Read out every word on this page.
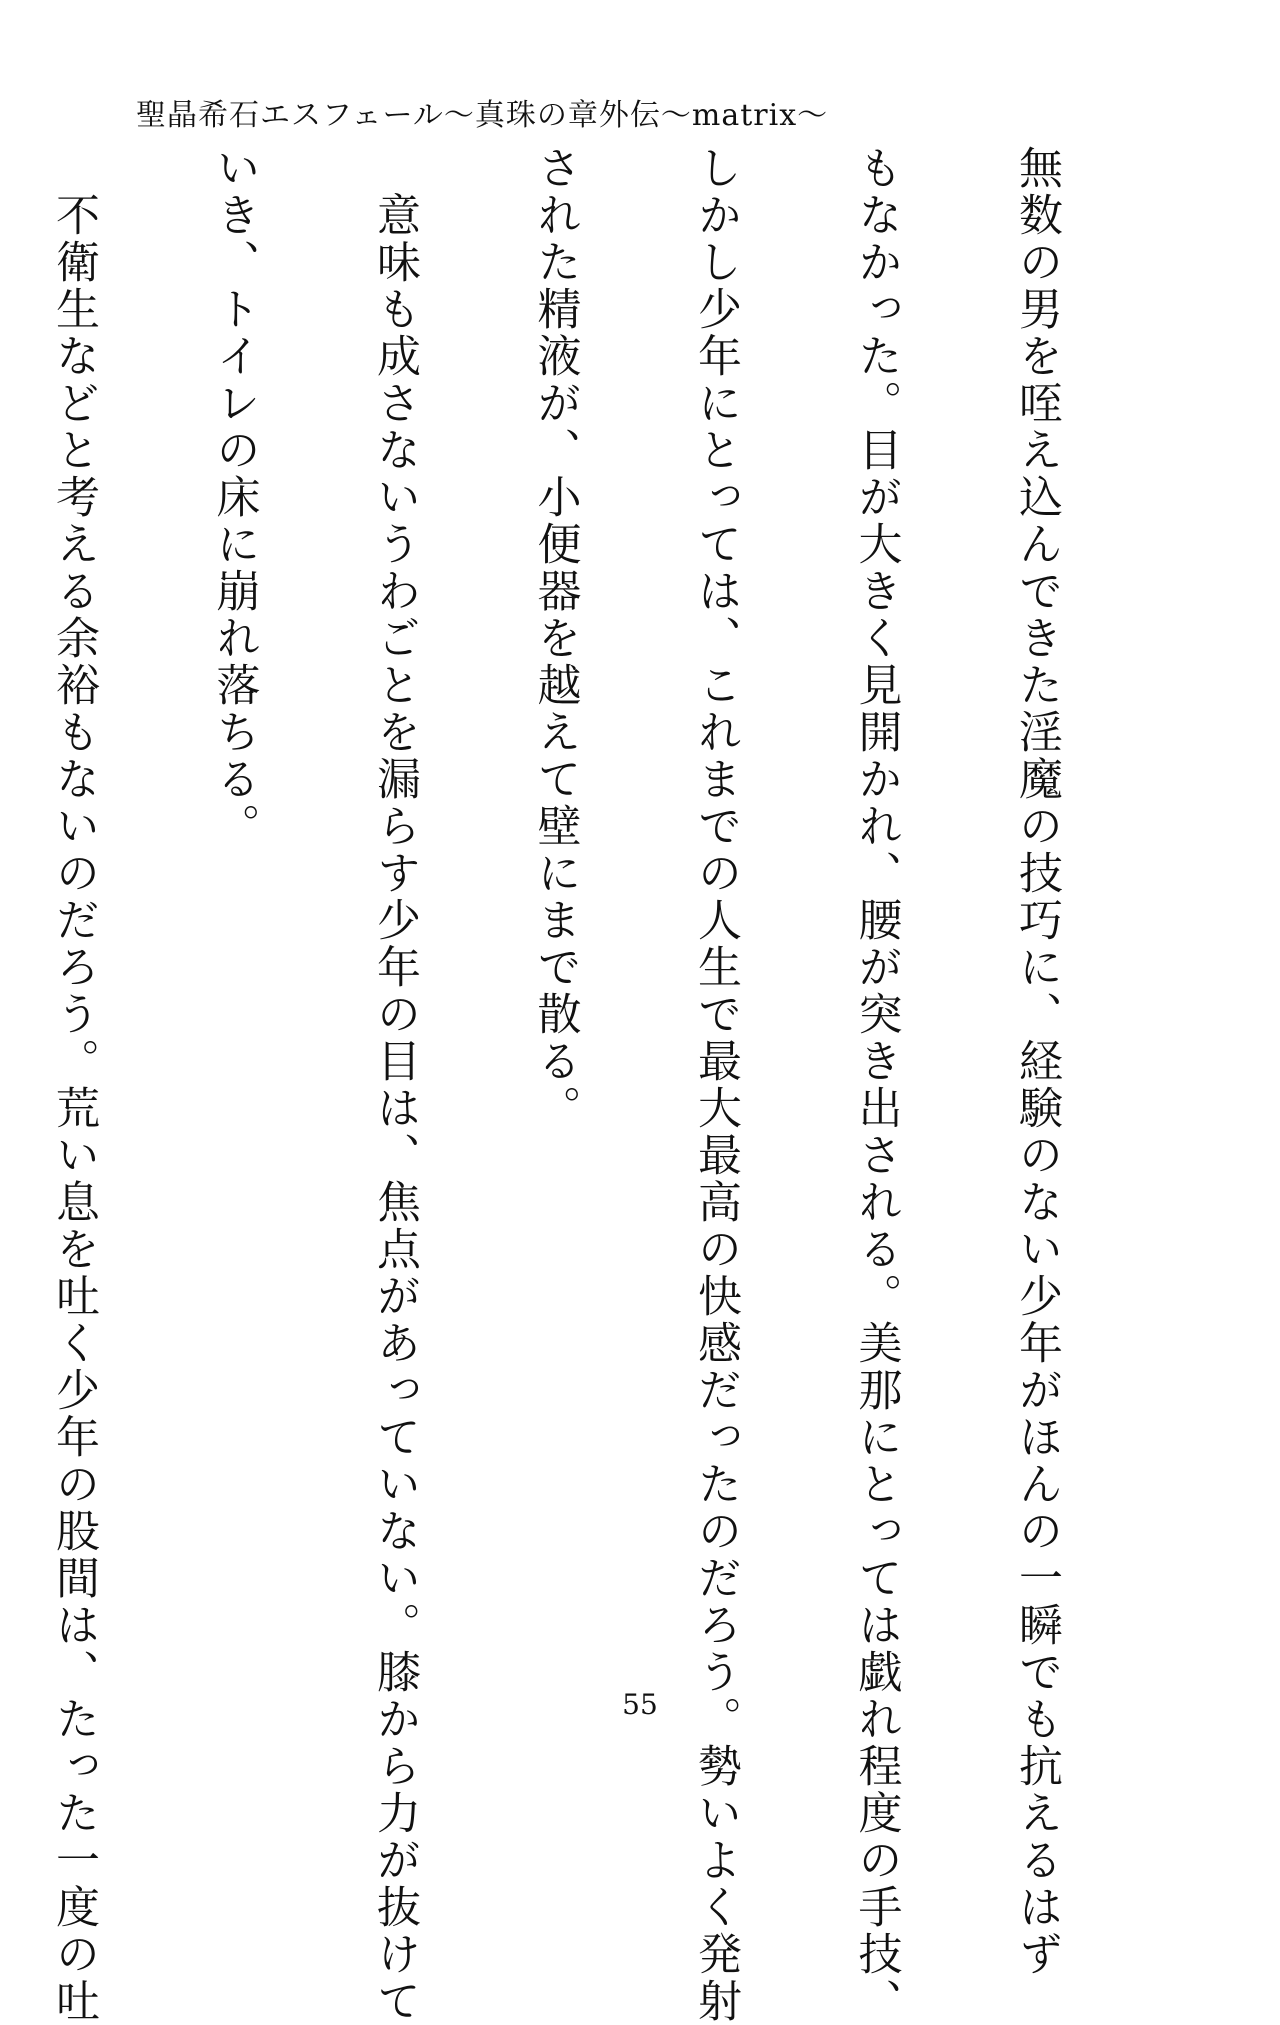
聖晶希石エスフェール〜真珠の章外伝〜matrix〜

無数の男を咥え込んできた淫魔の技巧に、経験のない少年がほんの一瞬でも抗えるはず

もなかった。目が大きく見開かれ、腰が突き出される。美那にとっては戯れ程度の手技、

しかし少年にとっては、これまでの人生で最大最高の快感だったのだろう。勢いよく発射

された精液が、小便器を越えて壁にまで散る。

　意味も成さないうわごとを漏らす少年の目は、焦点があっていない。膝から力が抜けて

いき、トイレの床に崩れ落ちる。

　不衛生などと考える余裕もないのだろう。荒い息を吐く少年の股間は、たった一度の吐

	55
